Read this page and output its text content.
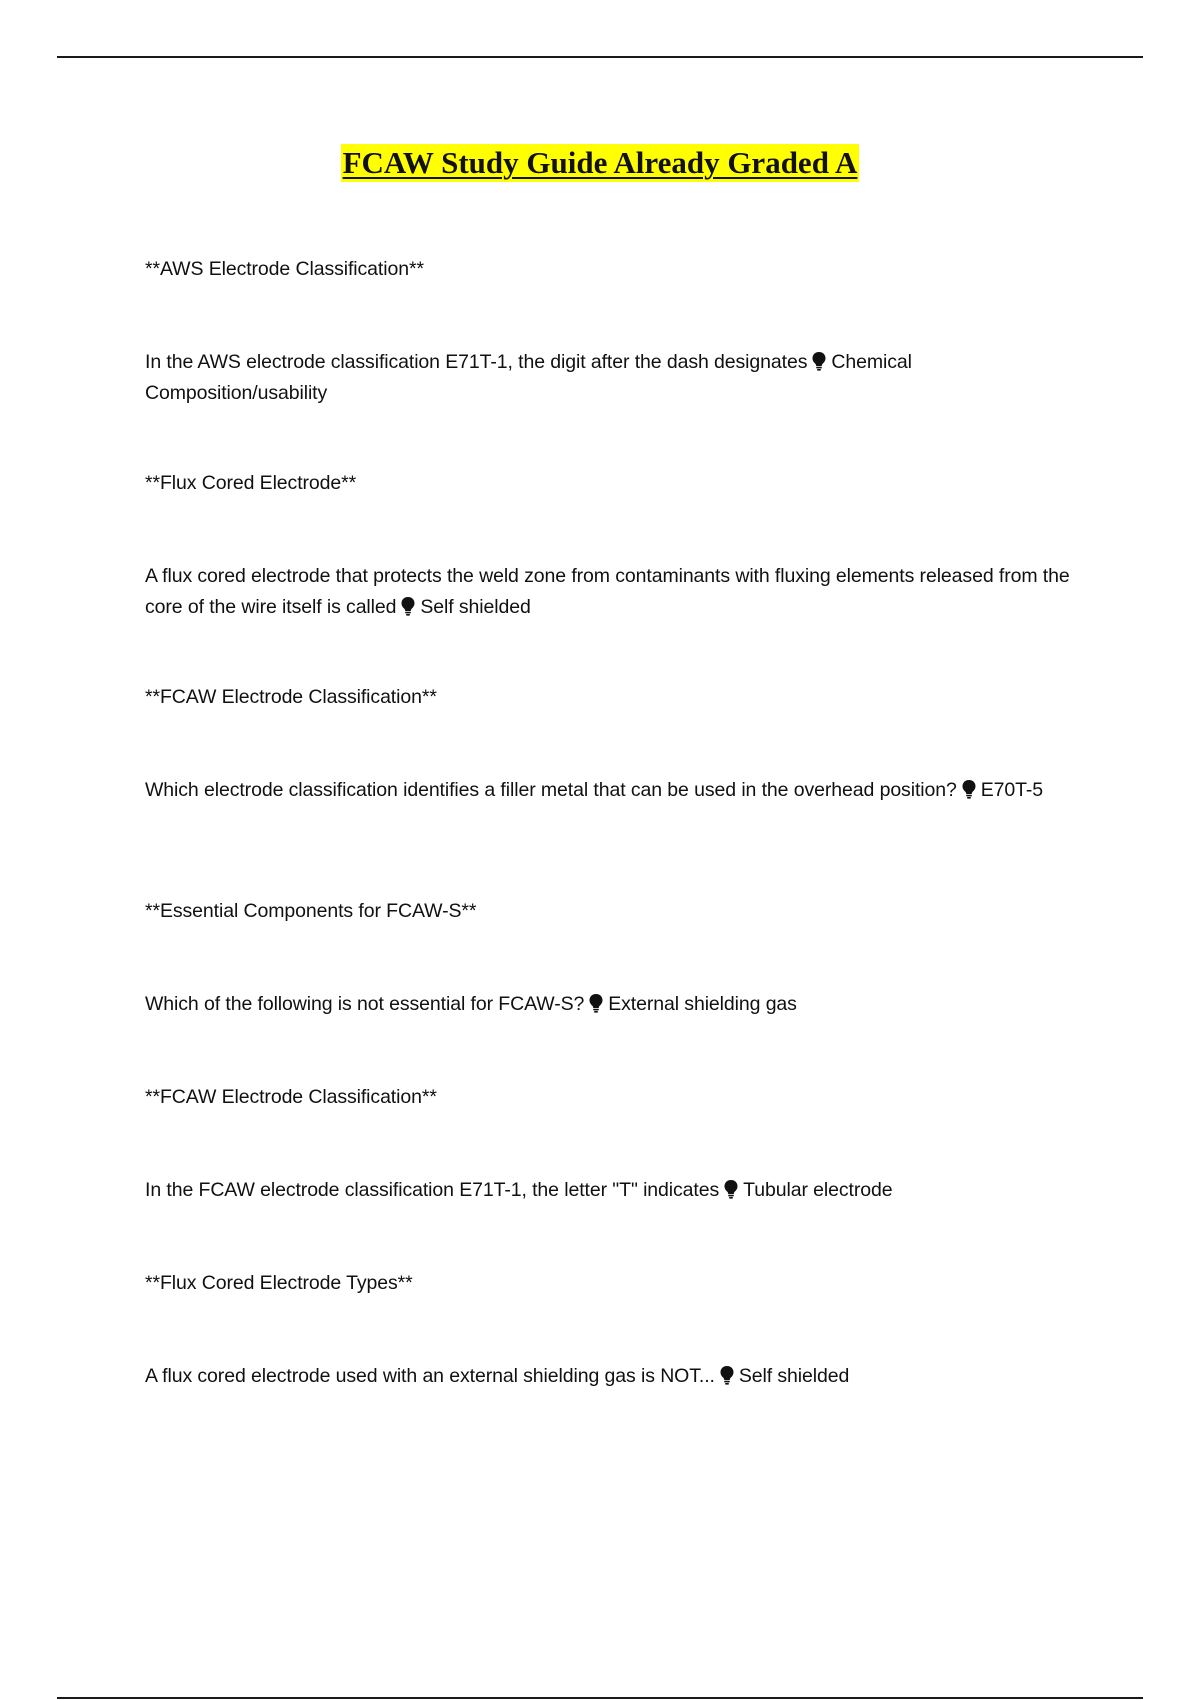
FCAW Study Guide Already Graded A
**AWS Electrode Classification**
In the AWS electrode classification E71T-1, the digit after the dash designates Chemical Composition/usability
**Flux Cored Electrode**
A flux cored electrode that protects the weld zone from contaminants with fluxing elements released from the core of the wire itself is called Self shielded
**FCAW Electrode Classification**
Which electrode classification identifies a filler metal that can be used in the overhead position? E70T-5
**Essential Components for FCAW-S**
Which of the following is not essential for FCAW-S? External shielding gas
**FCAW Electrode Classification**
In the FCAW electrode classification E71T-1, the letter "T" indicates Tubular electrode
**Flux Cored Electrode Types**
A flux cored electrode used with an external shielding gas is NOT... Self shielded
